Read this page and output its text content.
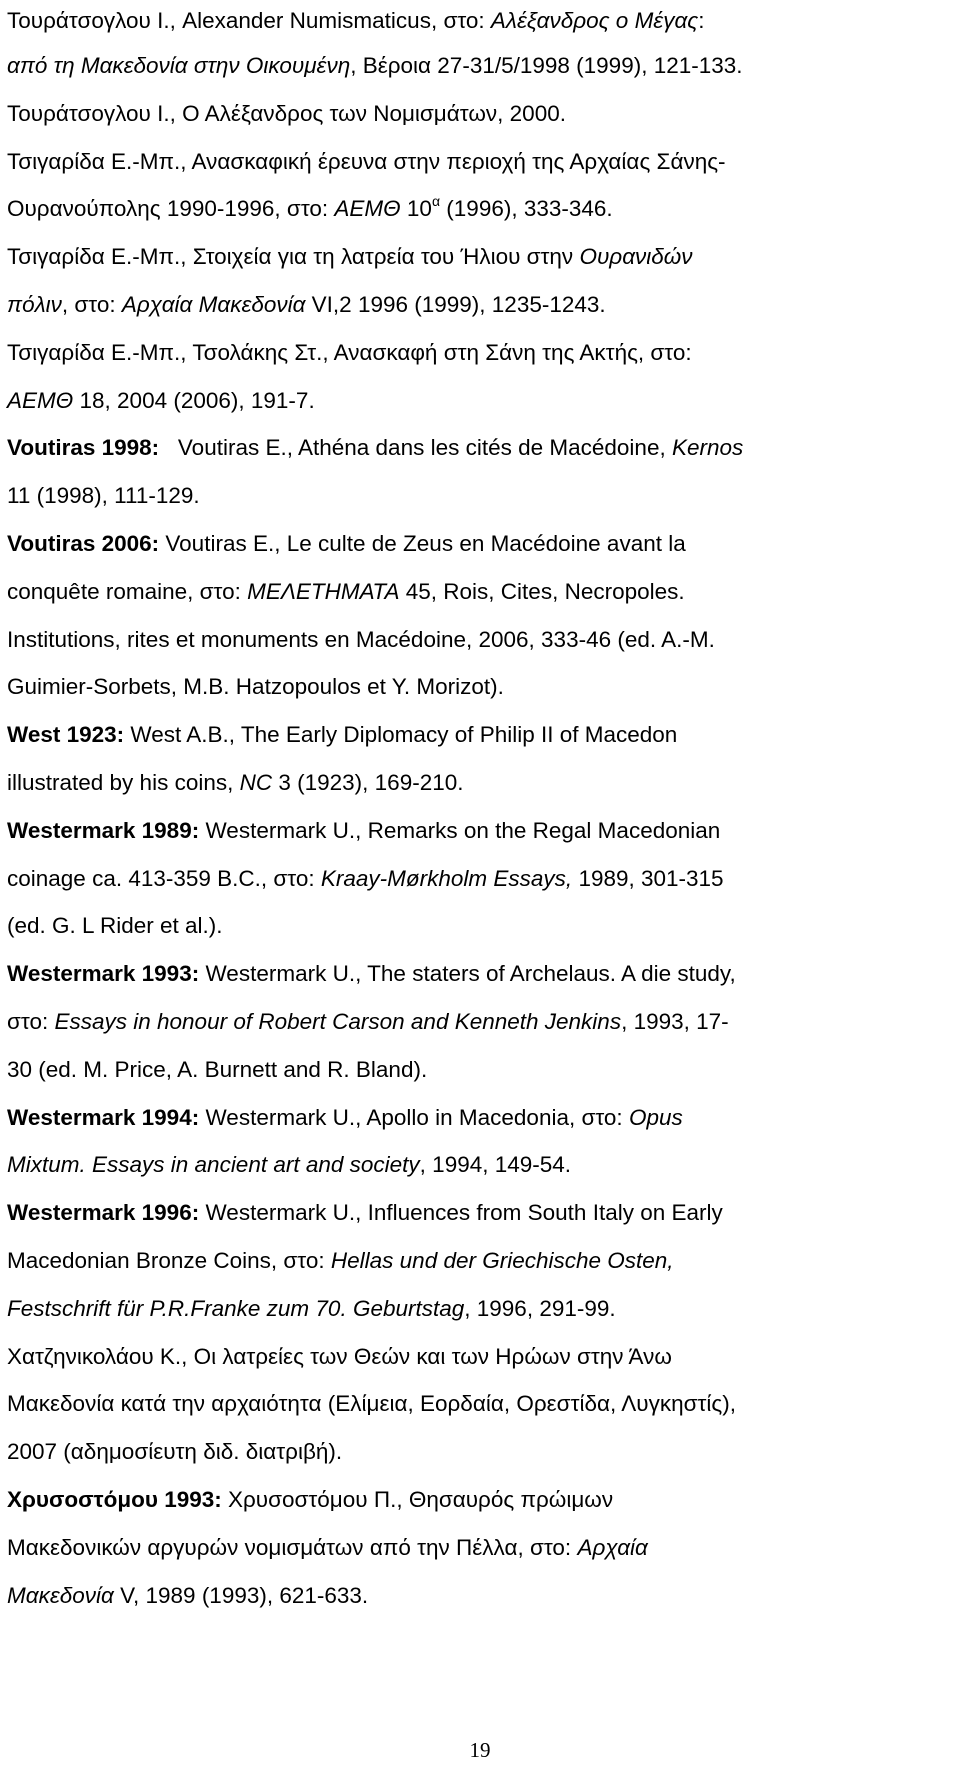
Τουράτσογλου Ι., Alexander Numismaticus, στο: Αλέξανδρος ο Μέγας:
από τη Μακεδονία στην Οικουμένη, Βέροια 27-31/5/1998 (1999), 121-133.
Τουράτσογλου Ι., Ο Αλέξανδρος των Νομισμάτων, 2000.
Τσιγαρίδα Ε.-Μπ., Ανασκαφική έρευνα στην περιοχή της Αρχαίας Σάνης-
Ουρανούπολης 1990-1996, στο: ΑΕΜΘ $10^\alpha$ (1996), 333-346.
Τσιγαρίδα Ε.-Μπ., Στοιχεία για τη λατρεία του Ήλιου στην Ουρανιδών
πόλιν, στο: Αρχαία Μακεδονία VI,2 1996 (1999), 1235-1243.
Τσιγαρίδα Ε.-Μπ., Τσολάκης Στ., Ανασκαφή στη Σάνη της Ακτής, στο:
ΑΕΜΘ 18, 2004 (2006), 191-7.
Voutiras 1998:   Voutiras E., Athéna dans les cités de Macédoine, Kernos
11 (1998), 111-129.
Voutiras 2006: Voutiras E., Le culte de Zeus en Macédoine avant la
conquête romaine, στο: ΜΕΛΕΤΗΜΑΤΑ 45, Rois, Cites, Necropoles.
Institutions, rites et monuments en Macédoine, 2006, 333-46 (ed. A.-M.
Guimier-Sorbets, M.B. Hatzopoulos et Y. Morizot).
West 1923: West A.B., The Early Diplomacy of Philip II of Macedon
illustrated by his coins, NC 3 (1923), 169-210.
Westermark 1989: Westermark U., Remarks on the Regal Macedonian
coinage ca. 413-359 B.C., στο: Kraay-Mørkholm Essays, 1989, 301-315
(ed. G. L Rider et al.).
Westermark 1993: Westermark U., The staters of Archelaus. A die study,
στο: Essays in honour of Robert Carson and Kenneth Jenkins, 1993, 17-
30 (ed. M. Price, A. Burnett and R. Bland).
Westermark 1994: Westermark U., Apollo in Macedonia, στο: Opus
Mixtum. Essays in ancient art and society, 1994, 149-54.
Westermark 1996: Westermark U., Influences from South Italy on Early
Macedonian Bronze Coins, στο: Hellas und der Griechische Osten,
Festschrift für P.R.Franke zum 70. Geburtstag, 1996, 291-99.
Χατζηνικολάου Κ., Οι λατρείες των Θεών και των Ηρώων στην Άνω
Μακεδονία κατά την αρχαιότητα (Ελίμεια, Εορδαία, Ορεστίδα, Λυγκηστίς),
2007 (αδημοσίευτη διδ. διατριβή).
Χρυσοστόμου 1993: Χρυσοστόμου Π., Θησαυρός πρώιμων
Μακεδονικών αργυρών νομισμάτων από την Πέλλα, στο: Αρχαία
Μακεδονία V, 1989 (1993), 621-633.
19
